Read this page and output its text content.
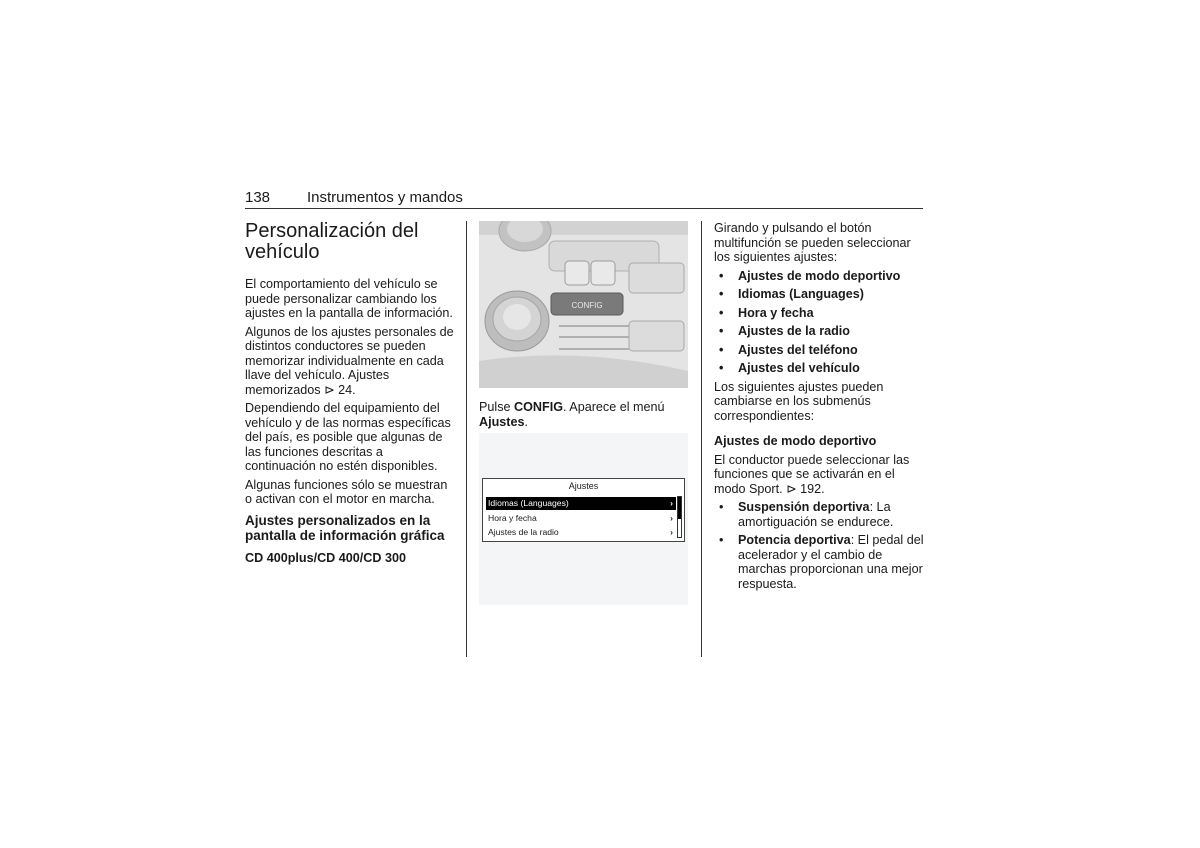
138 Instrumentos y mandos
Personalización del vehículo

El comportamiento del vehículo se puede personalizar cambiando los ajustes en la pantalla de información.

Algunos de los ajustes personales de distintos conductores se pueden memorizar individualmente en cada llave del vehículo. Ajustes memorizados ⊳ 24.

Dependiendo del equipamiento del vehículo y de las normas específicas del país, es posible que algunas de las funciones descritas a continuación no estén disponibles.

Algunas funciones sólo se muestran o activan con el motor en marcha.

Ajustes personalizados en la pantalla de información gráfica
CD 400plus/CD 400/CD 300
CONFIG
Pulse CONFIG. Aparece el menú Ajustes.
Ajustes
Idiomas (Languages)	›
Hora y fecha	›
Ajustes de la radio	›

Girando y pulsando el botón multifunción se pueden seleccionar los siguientes ajustes:

• Ajustes de modo deportivo
• Idiomas (Languages)
• Hora y fecha
• Ajustes de la radio
• Ajustes del teléfono
• Ajustes del vehículo

Los siguientes ajustes pueden cambiarse en los submenús correspondientes:

Ajustes de modo deportivo

El conductor puede seleccionar las funciones que se activarán en el modo Sport. ⊳ 192.

• Suspensión deportiva: La amortiguación se endurece.
• Potencia deportiva: El pedal del acelerador y el cambio de marchas proporcionan una mejor respuesta.
